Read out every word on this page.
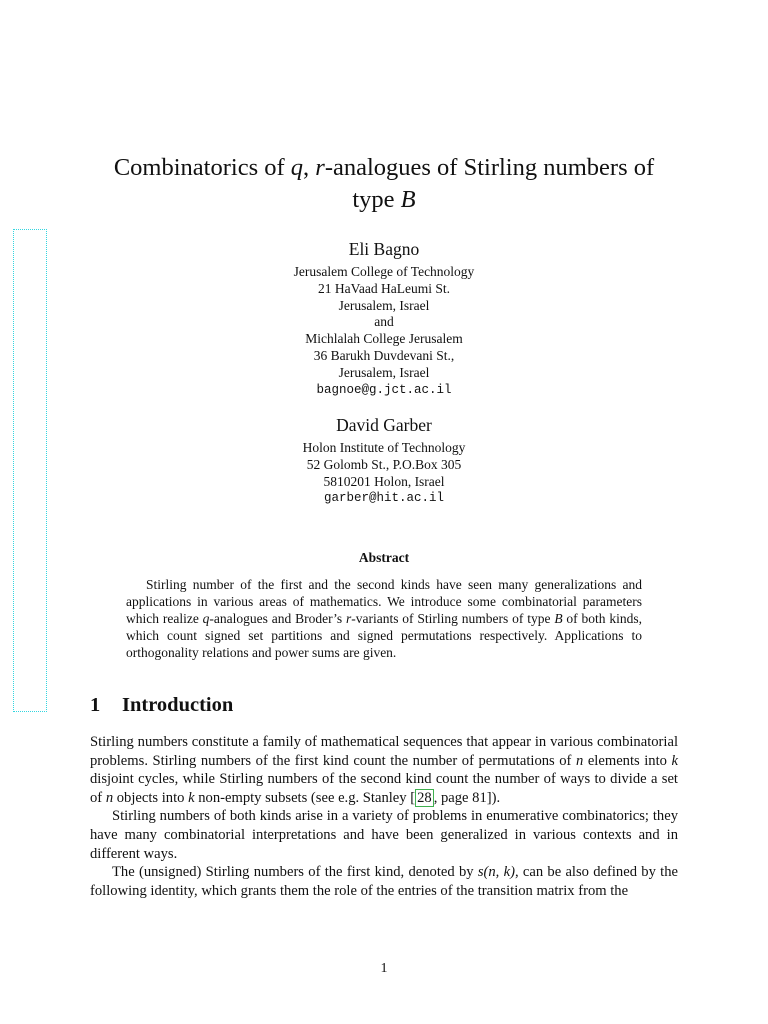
Combinatorics of q, r-analogues of Stirling numbers of
type B
Eli Bagno
Jerusalem College of Technology
21 HaVaad HaLeumi St.
Jerusalem, Israel
and
Michlalah College Jerusalem
36 Barukh Duvdevani St.,
Jerusalem, Israel
bagnoe@g.jct.ac.il
David Garber
Holon Institute of Technology
52 Golomb St., P.O.Box 305
5810201 Holon, Israel
garber@hit.ac.il
Abstract

Stirling number of the first and the second kinds have seen many generalizations and applications in various areas of mathematics. We introduce some combinatorial parameters which realize q-analogues and Broder’s r-variants of Stirling numbers of type B of both kinds, which count signed set partitions and signed permutations respectively. Applications to orthogonality relations and power sums are given.

1 Introduction

Stirling numbers constitute a family of mathematical sequences that appear in various combinatorial problems. Stirling numbers of the first kind count the number of permutations of n elements into k disjoint cycles, while Stirling numbers of the second kind count the number of ways to divide a set of n objects into k non-empty subsets (see e.g. Stanley [ 28 , page 81]).

Stirling numbers of both kinds arise in a variety of problems in enumerative combinatorics; they have many combinatorial interpretations and have been generalized in various contexts and in different ways.

The (unsigned) Stirling numbers of the first kind, denoted by s(n, k), can be also defined by the following identity, which grants them the role of the entries of the transition matrix from the

1
